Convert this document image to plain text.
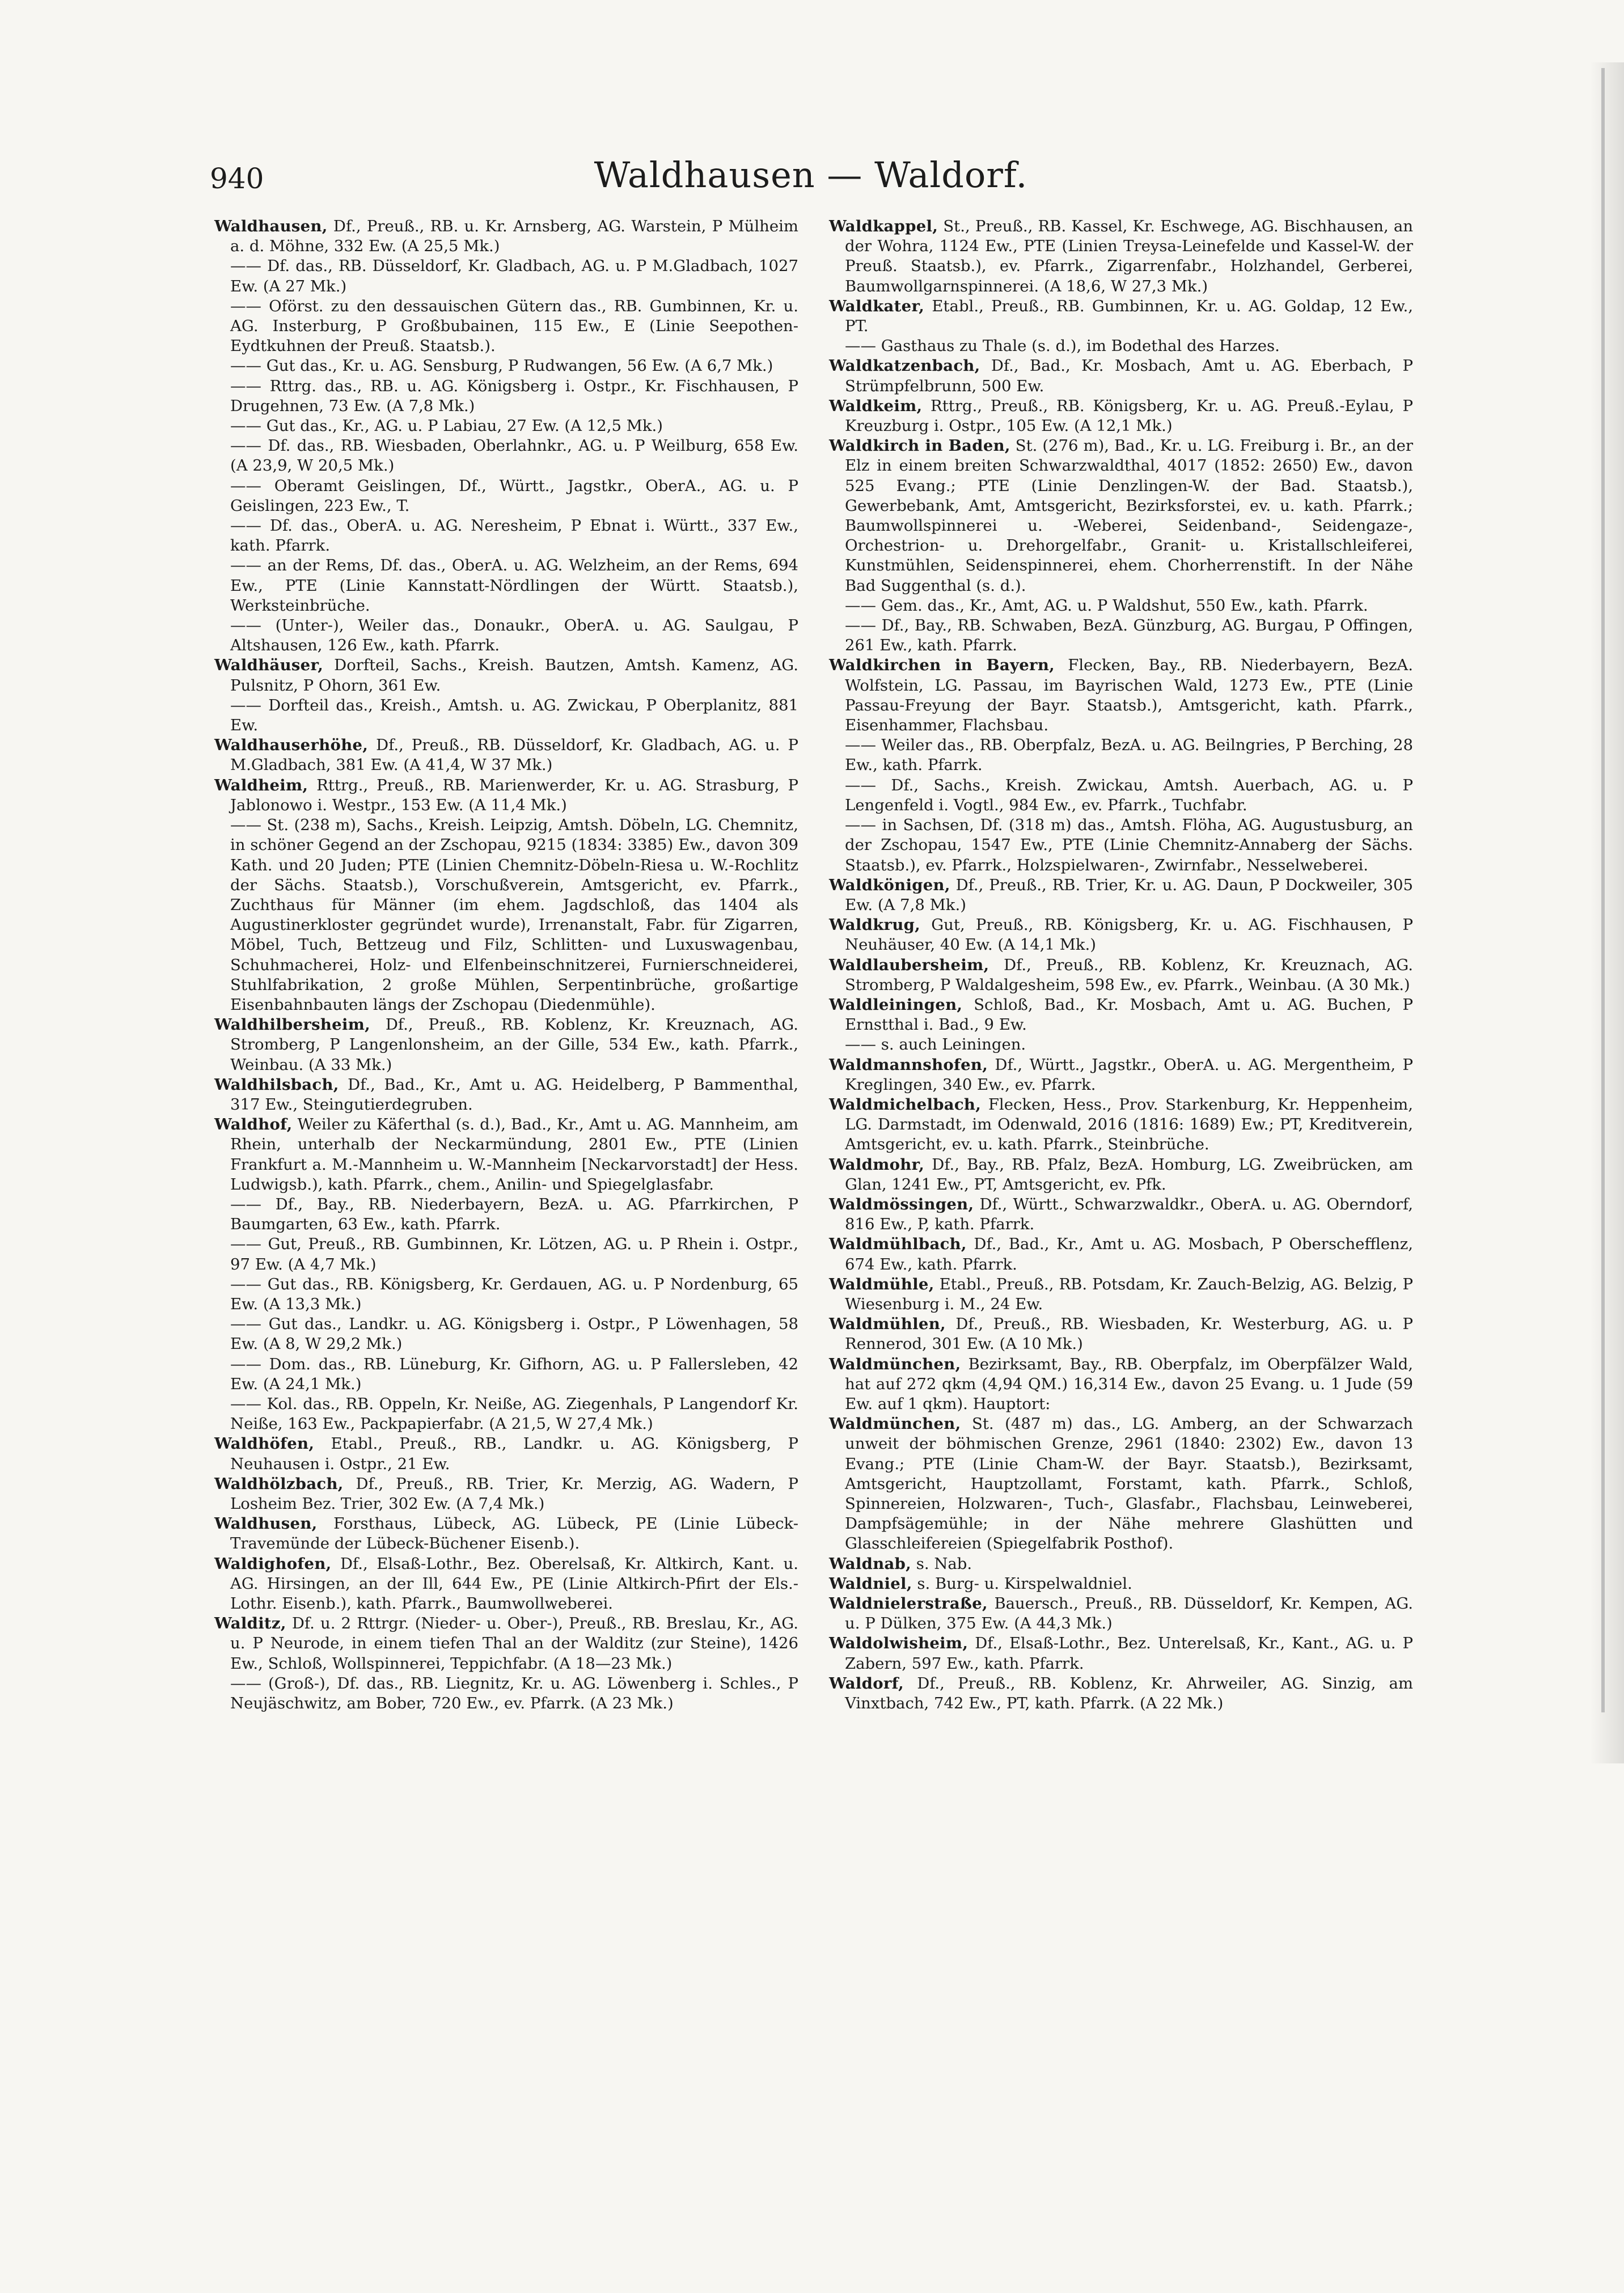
940	Waldhausen — Waldorf.

Waldhausen, Df., Preuß., RB. u. Kr. Arnsberg, AG. Warstein, P Mülheim a. d. Möhne, 332 Ew. (A 25,5 Mk.)

—— Df. das., RB. Düsseldorf, Kr. Gladbach, AG. u. P M.Gladbach, 1027 Ew. (A 27 Mk.)

—— Oförst. zu den dessauischen Gütern das., RB. Gumbinnen, Kr. u. AG. Insterburg, P Großbubainen, 115 Ew., E (Linie Seepothen-Eydtkuhnen der Preuß. Staatsb.).

—— Gut das., Kr. u. AG. Sensburg, P Rudwangen, 56 Ew. (A 6,7 Mk.)

—— Rttrg. das., RB. u. AG. Königsberg i. Ostpr., Kr. Fischhausen, P Drugehnen, 73 Ew. (A 7,8 Mk.)

—— Gut das., Kr., AG. u. P Labiau, 27 Ew. (A 12,5 Mk.)

—— Df. das., RB. Wiesbaden, Oberlahnkr., AG. u. P Weilburg, 658 Ew. (A 23,9, W 20,5 Mk.)

—— Oberamt Geislingen, Df., Württ., Jagstkr., OberA., AG. u. P Geislingen, 223 Ew., T.

—— Df. das., OberA. u. AG. Neresheim, P Ebnat i. Württ., 337 Ew., kath. Pfarrk.

—— an der Rems, Df. das., OberA. u. AG. Welzheim, an der Rems, 694 Ew., PTE (Linie Kannstatt-Nördlingen der Württ. Staatsb.), Werksteinbrüche.

—— (Unter-), Weiler das., Donaukr., OberA. u. AG. Saulgau, P Altshausen, 126 Ew., kath. Pfarrk.

Waldhäuser, Dorfteil, Sachs., Kreish. Bautzen, Amtsh. Kamenz, AG. Pulsnitz, P Ohorn, 361 Ew.

—— Dorfteil das., Kreish., Amtsh. u. AG. Zwickau, P Oberplanitz, 881 Ew.

Waldhauserhöhe, Df., Preuß., RB. Düsseldorf, Kr. Gladbach, AG. u. P M.Gladbach, 381 Ew. (A 41,4, W 37 Mk.)

Waldheim, Rttrg., Preuß., RB. Marienwerder, Kr. u. AG. Strasburg, P Jablonowo i. Westpr., 153 Ew. (A 11,4 Mk.)

—— St. (238 m), Sachs., Kreish. Leipzig, Amtsh. Döbeln, LG. Chemnitz, in schöner Gegend an der Zschopau, 9215 (1834: 3385) Ew., davon 309 Kath. und 20 Juden; PTE (Linien Chemnitz-Döbeln-Riesa u. W.-Rochlitz der Sächs. Staatsb.), Vorschußverein, Amtsgericht, ev. Pfarrk., Zuchthaus für Männer (im ehem. Jagdschloß, das 1404 als Augustinerkloster gegründet wurde), Irrenanstalt, Fabr. für Zigarren, Möbel, Tuch, Bettzeug und Filz, Schlitten- und Luxuswagenbau, Schuhmacherei, Holz- und Elfenbeinschnitzerei, Furnierschneiderei, Stuhlfabrikation, 2 große Mühlen, Serpentinbrüche, großartige Eisenbahnbauten längs der Zschopau (Diedenmühle).

Waldhilbersheim, Df., Preuß., RB. Koblenz, Kr. Kreuznach, AG. Stromberg, P Langenlonsheim, an der Gille, 534 Ew., kath. Pfarrk., Weinbau. (A 33 Mk.)

Waldhilsbach, Df., Bad., Kr., Amt u. AG. Heidelberg, P Bammenthal, 317 Ew., Steingutierdegruben.

Waldhof, Weiler zu Käferthal (s. d.), Bad., Kr., Amt u. AG. Mannheim, am Rhein, unterhalb der Neckarmündung, 2801 Ew., PTE (Linien Frankfurt a. M.-Mannheim u. W.-Mannheim [Neckarvorstadt] der Hess. Ludwigsb.), kath. Pfarrk., chem., Anilin- und Spiegelglasfabr.

—— Df., Bay., RB. Niederbayern, BezA. u. AG. Pfarrkirchen, P Baumgarten, 63 Ew., kath. Pfarrk.

—— Gut, Preuß., RB. Gumbinnen, Kr. Lötzen, AG. u. P Rhein i. Ostpr., 97 Ew. (A 4,7 Mk.)

—— Gut das., RB. Königsberg, Kr. Gerdauen, AG. u. P Nordenburg, 65 Ew. (A 13,3 Mk.)

—— Gut das., Landkr. u. AG. Königsberg i. Ostpr., P Löwenhagen, 58 Ew. (A 8, W 29,2 Mk.)

—— Dom. das., RB. Lüneburg, Kr. Gifhorn, AG. u. P Fallersleben, 42 Ew. (A 24,1 Mk.)

—— Kol. das., RB. Oppeln, Kr. Neiße, AG. Ziegenhals, P Langendorf Kr. Neiße, 163 Ew., Packpapierfabr. (A 21,5, W 27,4 Mk.)

Waldhöfen, Etabl., Preuß., RB., Landkr. u. AG. Königsberg, P Neuhausen i. Ostpr., 21 Ew.

Waldhölzbach, Df., Preuß., RB. Trier, Kr. Merzig, AG. Wadern, P Losheim Bez. Trier, 302 Ew. (A 7,4 Mk.)

Waldhusen, Forsthaus, Lübeck, AG. Lübeck, PE (Linie Lübeck-Travemünde der Lübeck-Büchener Eisenb.).

Waldighofen, Df., Elsaß-Lothr., Bez. Oberelsaß, Kr. Altkirch, Kant. u. AG. Hirsingen, an der Ill, 644 Ew., PE (Linie Altkirch-Pfirt der Els.-Lothr. Eisenb.), kath. Pfarrk., Baumwollweberei.

Walditz, Df. u. 2 Rttrgr. (Nieder- u. Ober-), Preuß., RB. Breslau, Kr., AG. u. P Neurode, in einem tiefen Thal an der Walditz (zur Steine), 1426 Ew., Schloß, Wollspinnerei, Teppichfabr. (A 18—23 Mk.)

—— (Groß-), Df. das., RB. Liegnitz, Kr. u. AG. Löwenberg i. Schles., P Neujäschwitz, am Bober, 720 Ew., ev. Pfarrk. (A 23 Mk.)

Waldkappel, St., Preuß., RB. Kassel, Kr. Eschwege, AG. Bischhausen, an der Wohra, 1124 Ew., PTE (Linien Treysa-Leinefelde und Kassel-W. der Preuß. Staatsb.), ev. Pfarrk., Zigarrenfabr., Holzhandel, Gerberei, Baumwollgarnspinnerei. (A 18,6, W 27,3 Mk.)

Waldkater, Etabl., Preuß., RB. Gumbinnen, Kr. u. AG. Goldap, 12 Ew., PT.

—— Gasthaus zu Thale (s. d.), im Bodethal des Harzes.

Waldkatzenbach, Df., Bad., Kr. Mosbach, Amt u. AG. Eberbach, P Strümpfelbrunn, 500 Ew.

Waldkeim, Rttrg., Preuß., RB. Königsberg, Kr. u. AG. Preuß.-Eylau, P Kreuzburg i. Ostpr., 105 Ew. (A 12,1 Mk.)

Waldkirch in Baden, St. (276 m), Bad., Kr. u. LG. Freiburg i. Br., an der Elz in einem breiten Schwarzwaldthal, 4017 (1852: 2650) Ew., davon 525 Evang.; PTE (Linie Denzlingen-W. der Bad. Staatsb.), Gewerbebank, Amt, Amtsgericht, Bezirksforstei, ev. u. kath. Pfarrk.; Baumwollspinnerei u. -Weberei, Seidenband-, Seidengaze-, Orchestrion- u. Drehorgelfabr., Granit- u. Kristallschleiferei, Kunstmühlen, Seidenspinnerei, ehem. Chorherrenstift. In der Nähe Bad Suggenthal (s. d.).

—— Gem. das., Kr., Amt, AG. u. P Waldshut, 550 Ew., kath. Pfarrk.

—— Df., Bay., RB. Schwaben, BezA. Günzburg, AG. Burgau, P Offingen, 261 Ew., kath. Pfarrk.

Waldkirchen in Bayern, Flecken, Bay., RB. Niederbayern, BezA. Wolfstein, LG. Passau, im Bayrischen Wald, 1273 Ew., PTE (Linie Passau-Freyung der Bayr. Staatsb.), Amtsgericht, kath. Pfarrk., Eisenhammer, Flachsbau.

—— Weiler das., RB. Oberpfalz, BezA. u. AG. Beilngries, P Berching, 28 Ew., kath. Pfarrk.

—— Df., Sachs., Kreish. Zwickau, Amtsh. Auerbach, AG. u. P Lengenfeld i. Vogtl., 984 Ew., ev. Pfarrk., Tuchfabr.

—— in Sachsen, Df. (318 m) das., Amtsh. Flöha, AG. Augustusburg, an der Zschopau, 1547 Ew., PTE (Linie Chemnitz-Annaberg der Sächs. Staatsb.), ev. Pfarrk., Holzspielwaren-, Zwirnfabr., Nesselweberei.

Waldkönigen, Df., Preuß., RB. Trier, Kr. u. AG. Daun, P Dockweiler, 305 Ew. (A 7,8 Mk.)

Waldkrug, Gut, Preuß., RB. Königsberg, Kr. u. AG. Fischhausen, P Neuhäuser, 40 Ew. (A 14,1 Mk.)

Waldlaubersheim, Df., Preuß., RB. Koblenz, Kr. Kreuznach, AG. Stromberg, P Waldalgesheim, 598 Ew., ev. Pfarrk., Weinbau. (A 30 Mk.)

Waldleiningen, Schloß, Bad., Kr. Mosbach, Amt u. AG. Buchen, P Ernstthal i. Bad., 9 Ew.

—— s. auch Leiningen.

Waldmannshofen, Df., Württ., Jagstkr., OberA. u. AG. Mergentheim, P Kreglingen, 340 Ew., ev. Pfarrk.

Waldmichelbach, Flecken, Hess., Prov. Starkenburg, Kr. Heppenheim, LG. Darmstadt, im Odenwald, 2016 (1816: 1689) Ew.; PT, Kreditverein, Amtsgericht, ev. u. kath. Pfarrk., Steinbrüche.

Waldmohr, Df., Bay., RB. Pfalz, BezA. Homburg, LG. Zweibrücken, am Glan, 1241 Ew., PT, Amtsgericht, ev. Pfk.

Waldmössingen, Df., Württ., Schwarzwaldkr., OberA. u. AG. Oberndorf, 816 Ew., P, kath. Pfarrk.

Waldmühlbach, Df., Bad., Kr., Amt u. AG. Mosbach, P Oberschefflenz, 674 Ew., kath. Pfarrk.

Waldmühle, Etabl., Preuß., RB. Potsdam, Kr. Zauch-Belzig, AG. Belzig, P Wiesenburg i. M., 24 Ew.

Waldmühlen, Df., Preuß., RB. Wiesbaden, Kr. Westerburg, AG. u. P Rennerod, 301 Ew. (A 10 Mk.)

Waldmünchen, Bezirksamt, Bay., RB. Oberpfalz, im Oberpfälzer Wald, hat auf 272 qkm (4,94 QM.) 16,314 Ew., davon 25 Evang. u. 1 Jude (59 Ew. auf 1 qkm). Hauptort:

Waldmünchen, St. (487 m) das., LG. Amberg, an der Schwarzach unweit der böhmischen Grenze, 2961 (1840: 2302) Ew., davon 13 Evang.; PTE (Linie Cham-W. der Bayr. Staatsb.), Bezirksamt, Amtsgericht, Hauptzollamt, Forstamt, kath. Pfarrk., Schloß, Spinnereien, Holzwaren-, Tuch-, Glasfabr., Flachsbau, Leinweberei, Dampfsägemühle; in der Nähe mehrere Glashütten und Glasschleifereien (Spiegelfabrik Posthof).

Waldnab, s. Nab.

Waldniel, s. Burg- u. Kirspelwaldniel.

Waldnielerstraße, Bauersch., Preuß., RB. Düsseldorf, Kr. Kempen, AG. u. P Dülken, 375 Ew. (A 44,3 Mk.)

Waldolwisheim, Df., Elsaß-Lothr., Bez. Unterelsaß, Kr., Kant., AG. u. P Zabern, 597 Ew., kath. Pfarrk.

Waldorf, Df., Preuß., RB. Koblenz, Kr. Ahrweiler, AG. Sinzig, am Vinxtbach, 742 Ew., PT, kath. Pfarrk. (A 22 Mk.)
